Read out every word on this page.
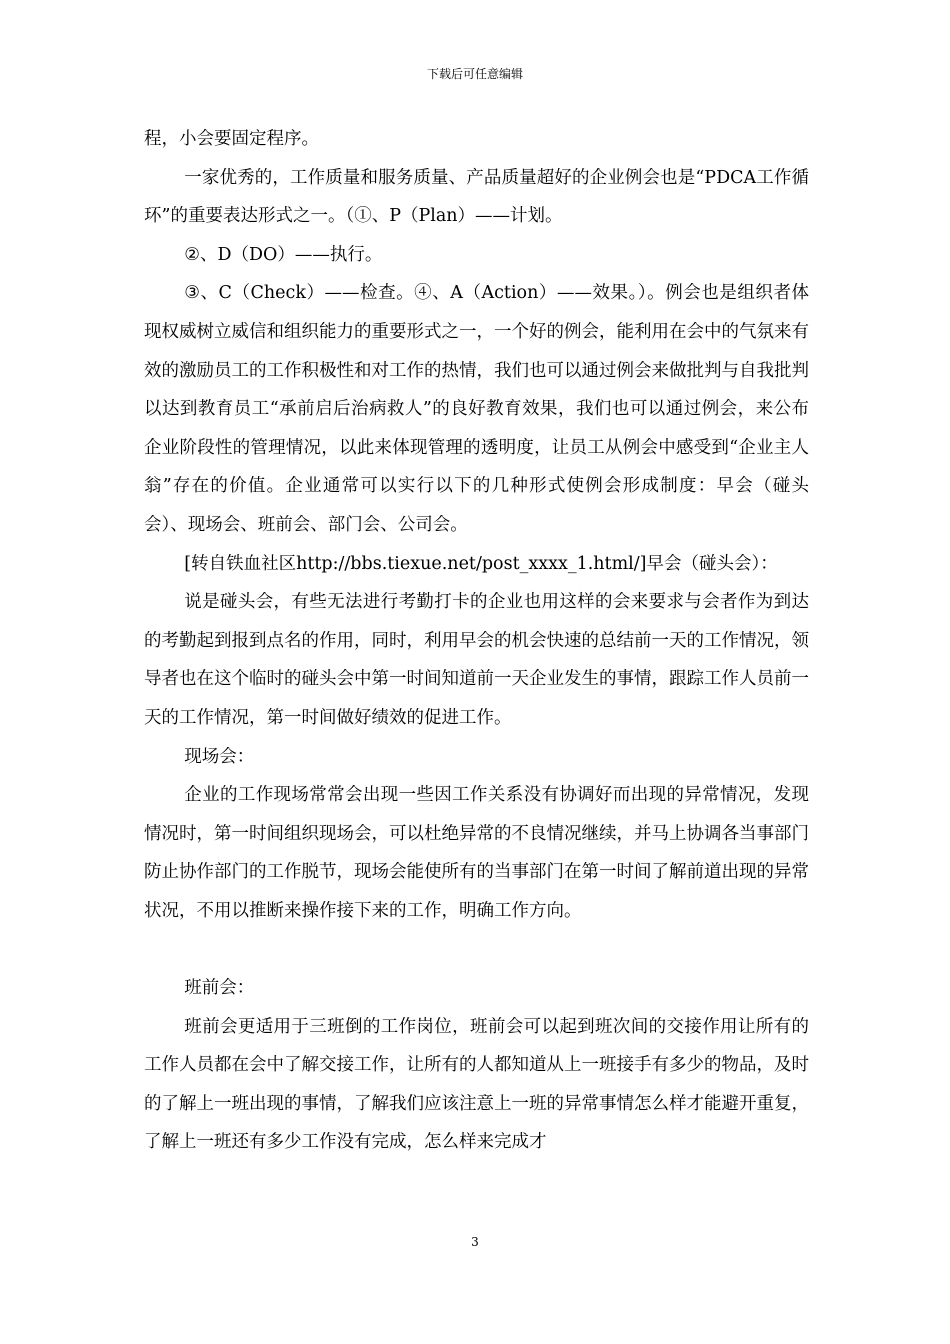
下载后可任意编辑

程，小会要固定程序。

一家优秀的，工作质量和服务质量、产品质量超好的企业例会也是“PDCA工作循环”的重要表达形式之一。（①、P（Plan）——计划。

②、D（DO）——执行。

③、C（Check）——检查。④、A（Action）——效果。）。例会也是组织者体现权威树立威信和组织能力的重要形式之一，一个好的例会，能利用在会中的气氛来有效的激励员工的工作积极性和对工作的热情，我们也可以通过例会来做批判与自我批判以达到教育员工“承前启后治病救人”的良好教育效果，我们也可以通过例会，来公布企业阶段性的管理情况，以此来体现管理的透明度，让员工从例会中感受到“企业主人翁”存在的价值。企业通常可以实行以下的几种形式使例会形成制度：早会（碰头会）、现场会、班前会、部门会、公司会。

[转自铁血社区http://bbs.tiexue.net/post_xxxx_1.html/]早会（碰头会）：

说是碰头会，有些无法进行考勤打卡的企业也用这样的会来要求与会者作为到达的考勤起到报到点名的作用，同时，利用早会的机会快速的总结前一天的工作情况，领导者也在这个临时的碰头会中第一时间知道前一天企业发生的事情，跟踪工作人员前一天的工作情况，第一时间做好绩效的促进工作。

现场会：

企业的工作现场常常会出现一些因工作关系没有协调好而出现的异常情况，发现情况时，第一时间组织现场会，可以杜绝异常的不良情况继续，并马上协调各当事部门防止协作部门的工作脱节，现场会能使所有的当事部门在第一时间了解前道出现的异常状况，不用以推断来操作接下来的工作，明确工作方向。

班前会：

班前会更适用于三班倒的工作岗位，班前会可以起到班次间的交接作用让所有的工作人员都在会中了解交接工作，让所有的人都知道从上一班接手有多少的物品，及时的了解上一班出现的事情，了解我们应该注意上一班的异常事情怎么样才能避开重复，了解上一班还有多少工作没有完成，怎么样来完成才

3
